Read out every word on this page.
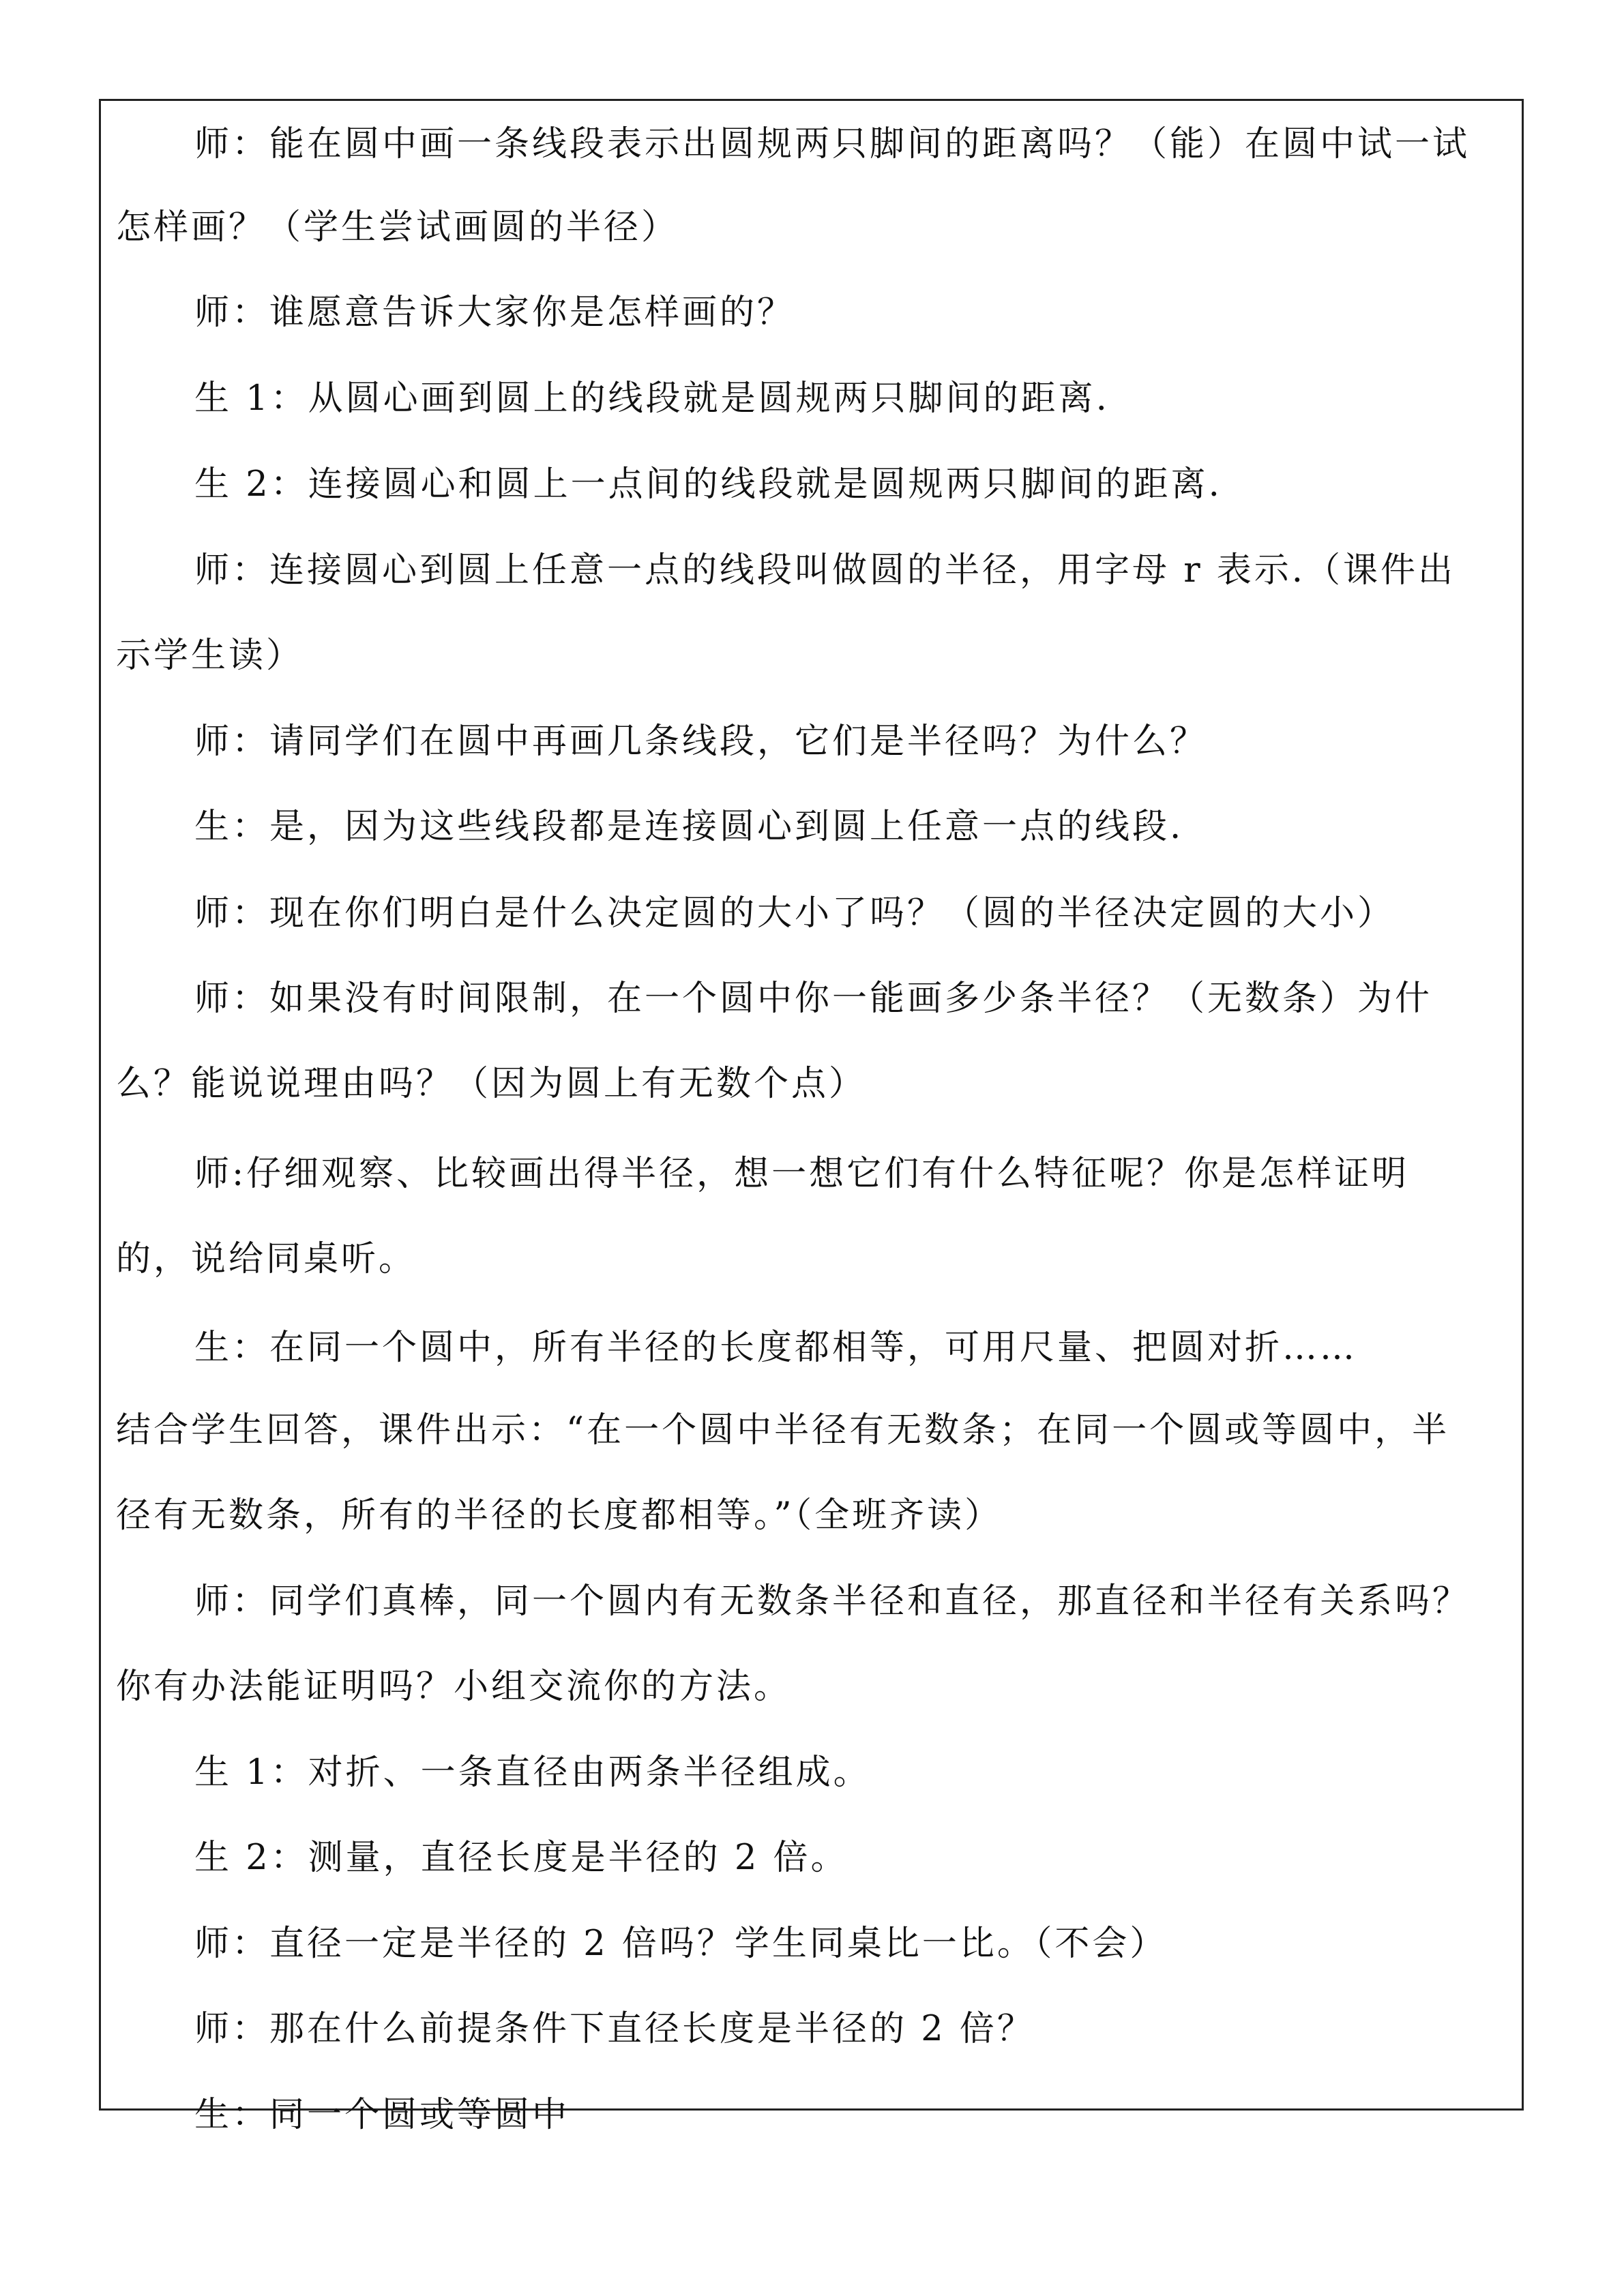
师：能在圆中画一条线段表示出圆规两只脚间的距离吗？（能）在圆中试一试
怎样画？（学生尝试画圆的半径）
师：谁愿意告诉大家你是怎样画的？
生 1：从圆心画到圆上的线段就是圆规两只脚间的距离.
生 2：连接圆心和圆上一点间的线段就是圆规两只脚间的距离.
师：连接圆心到圆上任意一点的线段叫做圆的半径，用字母 r 表示.（课件出
示学生读）
师：请同学们在圆中再画几条线段，它们是半径吗？为什么？
生：是，因为这些线段都是连接圆心到圆上任意一点的线段.
师：现在你们明白是什么决定圆的大小了吗？（圆的半径决定圆的大小）
师：如果没有时间限制，在一个圆中你一能画多少条半径？（无数条）为什
么？能说说理由吗？（因为圆上有无数个点）
师:仔细观察、比较画出得半径，想一想它们有什么特征呢？你是怎样证明
的，说给同桌听。
生：在同一个圆中，所有半径的长度都相等，可用尺量、把圆对折……
结合学生回答，课件出示：“在一个圆中半径有无数条；在同一个圆或等圆中，半
径有无数条，所有的半径的长度都相等。”（全班齐读）
师：同学们真棒，同一个圆内有无数条半径和直径，那直径和半径有关系吗？
你有办法能证明吗？小组交流你的方法。
生 1：对折、一条直径由两条半径组成。
生 2：测量，直径长度是半径的 2 倍。
师：直径一定是半径的 2 倍吗？学生同桌比一比。（不会）
师：那在什么前提条件下直径长度是半径的 2 倍？
生：同一个圆或等圆中
